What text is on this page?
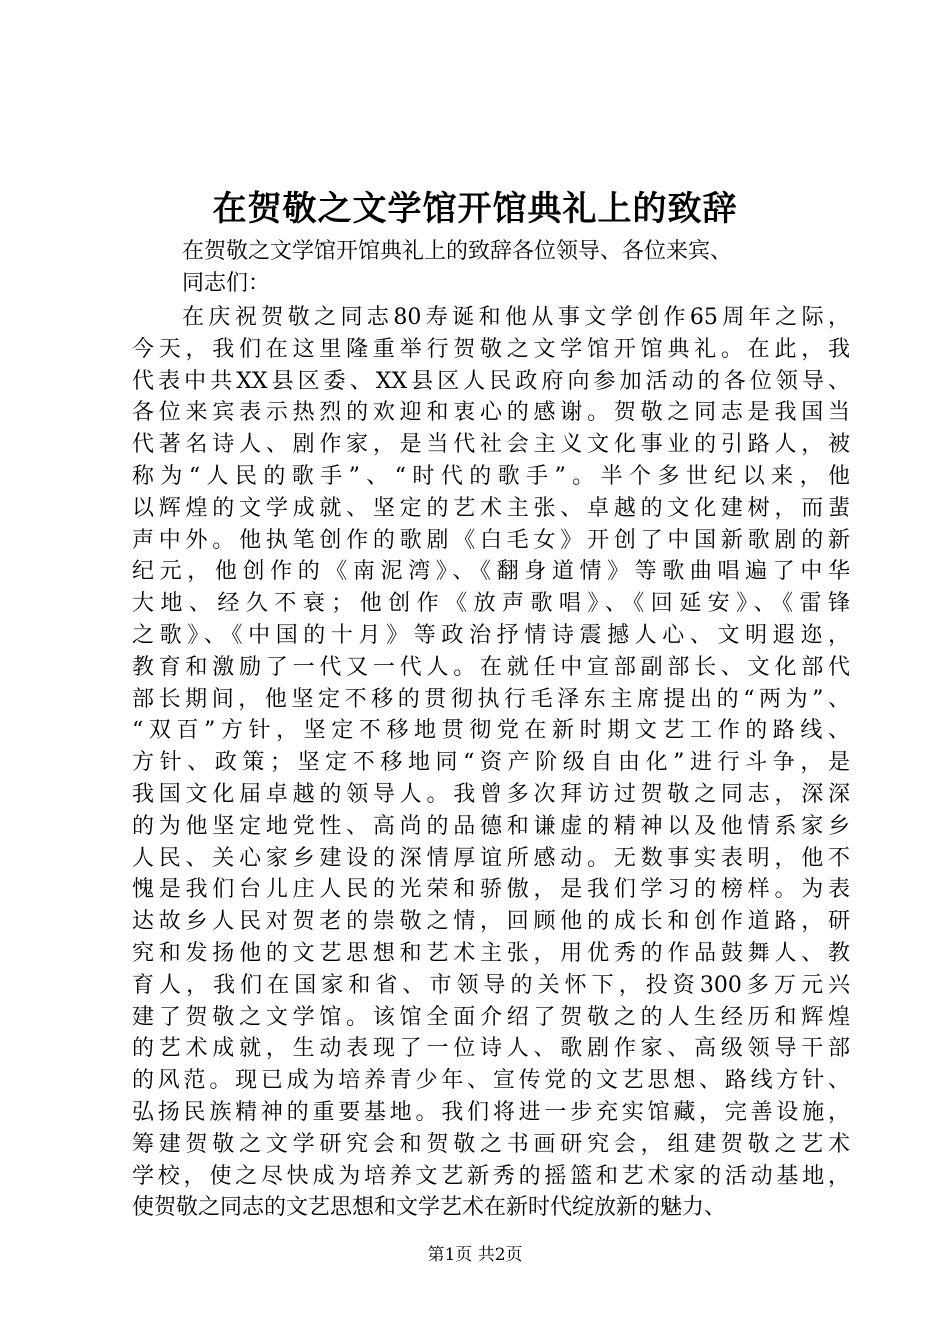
在贺敬之文学馆开馆典礼上的致辞
在贺敬之文学馆开馆典礼上的致辞各位领导、各位来宾、
同志们：
在庆祝贺敬之同志80寿诞和他从事文学创作65周年之际，
今天，我们在这里隆重举行贺敬之文学馆开馆典礼。在此，我
代表中共XX县区委、XX县区人民政府向参加活动的各位领导、
各位来宾表示热烈的欢迎和衷心的感谢。贺敬之同志是我国当
代著名诗人、剧作家，是当代社会主义文化事业的引路人，被
称为“人民的歌手”、“时代的歌手”。半个多世纪以来，他
以辉煌的文学成就、坚定的艺术主张、卓越的文化建树，而蜚
声中外。他执笔创作的歌剧《白毛女》开创了中国新歌剧的新
纪元，他创作的《南泥湾》、《翻身道情》等歌曲唱遍了中华
大地、经久不衰；他创作《放声歌唱》、《回延安》、《雷锋
之歌》、《中国的十月》等政治抒情诗震撼人心、文明遐迩，
教育和激励了一代又一代人。在就任中宣部副部长、文化部代
部长期间，他坚定不移的贯彻执行毛泽东主席提出的“两为”、
“双百”方针，坚定不移地贯彻党在新时期文艺工作的路线、
方针、政策；坚定不移地同“资产阶级自由化”进行斗争，是
我国文化届卓越的领导人。我曾多次拜访过贺敬之同志，深深
的为他坚定地党性、高尚的品德和谦虚的精神以及他情系家乡
人民、关心家乡建设的深情厚谊所感动。无数事实表明，他不
愧是我们台儿庄人民的光荣和骄傲，是我们学习的榜样。为表
达故乡人民对贺老的崇敬之情，回顾他的成长和创作道路，研
究和发扬他的文艺思想和艺术主张，用优秀的作品鼓舞人、教
育人，我们在国家和省、市领导的关怀下，投资300多万元兴
建了贺敬之文学馆。该馆全面介绍了贺敬之的人生经历和辉煌
的艺术成就，生动表现了一位诗人、歌剧作家、高级领导干部
的风范。现已成为培养青少年、宣传党的文艺思想、路线方针、
弘扬民族精神的重要基地。我们将进一步充实馆藏，完善设施，
筹建贺敬之文学研究会和贺敬之书画研究会，组建贺敬之艺术
学校，使之尽快成为培养文艺新秀的摇篮和艺术家的活动基地，
使贺敬之同志的文艺思想和文学艺术在新时代绽放新的魅力、
第1页 共2页
